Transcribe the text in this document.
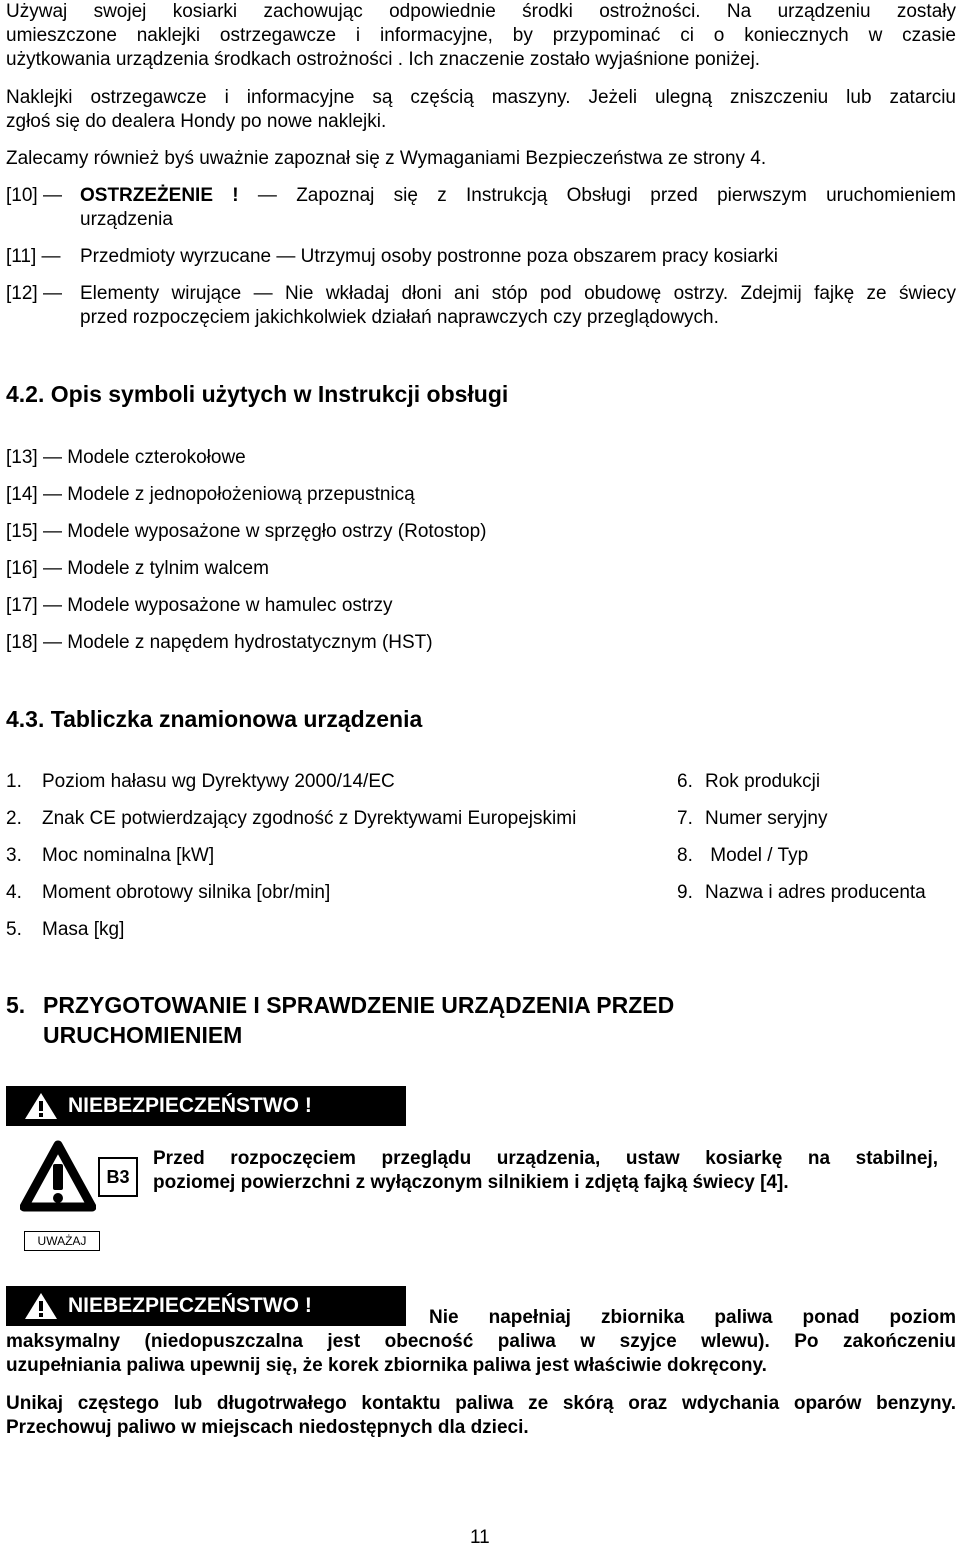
Używaj swojej kosiarki zachowując odpowiednie środki ostrożności. Na urządzeniu zostały
umieszczone naklejki ostrzegawcze i informacyjne, by przypominać ci o koniecznych w czasie
użytkowania urządzenia środkach ostrożności . Ich znaczenie zostało wyjaśnione poniżej.
Naklejki ostrzegawcze i informacyjne są częścią maszyny. Jeżeli ulegną zniszczeniu lub zatarciu
zgłoś się do dealera Hondy po nowe naklejki.
Zalecamy również byś uważnie zapoznał się z Wymaganiami Bezpieczeństwa ze strony 4.
[10] — OSTRZEŻENIE ! — Zapoznaj się z Instrukcją Obsługi przed pierwszym uruchomieniem
urządzenia
[11] — Przedmioty wyrzucane — Utrzymuj osoby postronne poza obszarem pracy kosiarki
[12] — Elementy wirujące — Nie wkładaj dłoni ani stóp pod obudowę ostrzy. Zdejmij fajkę ze świecy
przed rozpoczęciem jakichkolwiek działań naprawczych czy przeglądowych.
4.2. Opis symboli użytych w Instrukcji obsługi
[13] — Modele czterokołowe
[14] — Modele z jednopołożeniową przepustnicą
[15] — Modele wyposażone w sprzęgło ostrzy (Rotostop)
[16] — Modele z tylnim walcem
[17] — Modele wyposażone w hamulec ostrzy
[18] — Modele z napędem hydrostatycznym (HST)
4.3. Tabliczka znamionowa urządzenia
1. Poziom hałasu wg Dyrektywy 2000/14/EC
2. Znak CE potwierdzający zgodność z Dyrektywami Europejskimi
3. Moc nominalna [kW]
4. Moment obrotowy silnika [obr/min]
5. Masa [kg]
6. Rok produkcji
7. Numer seryjny
8. Model / Typ
9. Nazwa i adres producenta
5. PRZYGOTOWANIE I SPRAWDZENIE URZĄDZENIA PRZED
URUCHOMIENIEM
NIEBEZPIECZEŃSTWO !
B3
Przed rozpoczęciem przeglądu urządzenia, ustaw kosiarkę na stabilnej,
poziomej powierzchni z wyłączonym silnikiem i zdjętą fajką świecy [4].
UWAŻAJ
NIEBEZPIECZEŃSTWO !
Nie napełniaj zbiornika paliwa ponad poziom
maksymalny (niedopuszczalna jest obecność paliwa w szyjce wlewu). Po zakończeniu
uzupełniania paliwa upewnij się, że korek zbiornika paliwa jest właściwie dokręcony.
Unikaj częstego lub długotrwałego kontaktu paliwa ze skórą oraz wdychania oparów benzyny.
Przechowuj paliwo w miejscach niedostępnych dla dzieci.
11
